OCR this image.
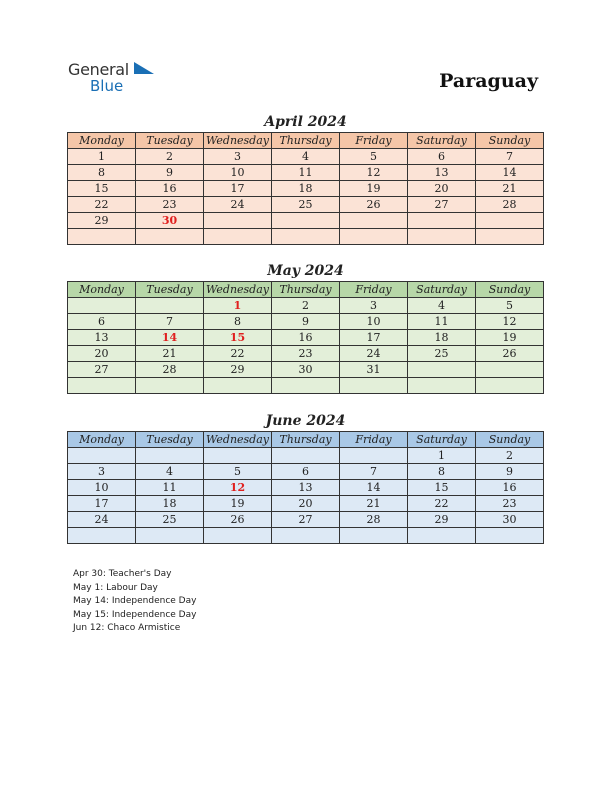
General
Blue	Paraguay
April 2024
Monday	Tuesday	Wednesday	Thursday	Friday	Saturday	Sunday
1	2	3	4	5	6	7
8	9	10	11	12	13	14
15	16	17	18	19	20	21
22	23	24	25	26	27	28
29	30					

May 2024
Monday	Tuesday	Wednesday	Thursday	Friday	Saturday	Sunday
		1	2	3	4	5
6	7	8	9	10	11	12
13	14	15	16	17	18	19
20	21	22	23	24	25	26
27	28	29	30	31		

June 2024
Monday	Tuesday	Wednesday	Thursday	Friday	Saturday	Sunday
					1	2
3	4	5	6	7	8	9
10	11	12	13	14	15	16
17	18	19	20	21	22	23
24	25	26	27	28	29	30

Apr 30: Teacher's Day
May 1: Labour Day
May 14: Independence Day
May 15: Independence Day
Jun 12: Chaco Armistice
